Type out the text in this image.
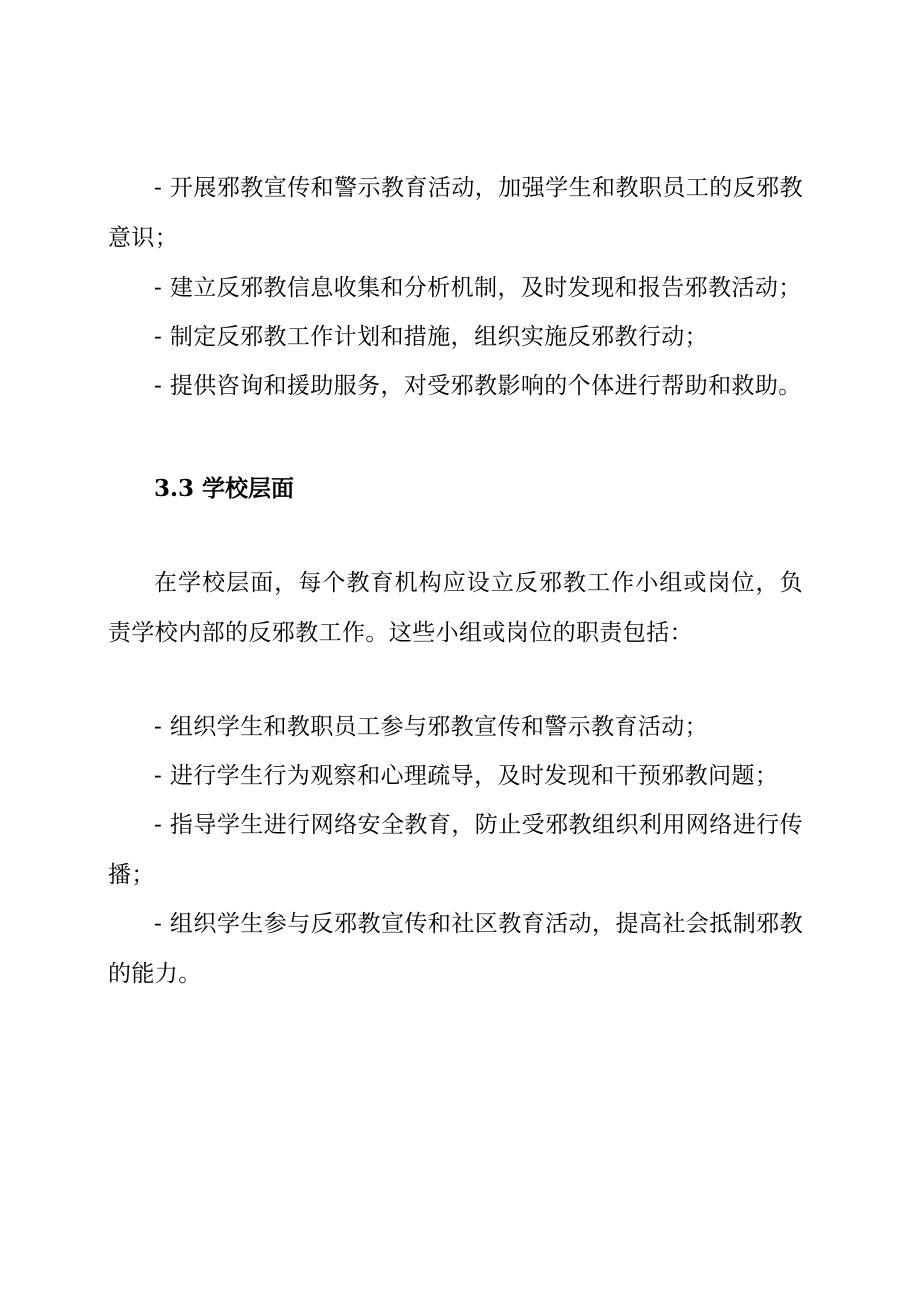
- 开展邪教宣传和警示教育活动，加强学生和教职员工的反邪教意识；

- 建立反邪教信息收集和分析机制，及时发现和报告邪教活动；

- 制定反邪教工作计划和措施，组织实施反邪教行动；

- 提供咨询和援助服务，对受邪教影响的个体进行帮助和救助。

3.3 学校层面

在学校层面，每个教育机构应设立反邪教工作小组或岗位，负责学校内部的反邪教工作。这些小组或岗位的职责包括：

- 组织学生和教职员工参与邪教宣传和警示教育活动；

- 进行学生行为观察和心理疏导，及时发现和干预邪教问题；

- 指导学生进行网络安全教育，防止受邪教组织利用网络进行传播；

- 组织学生参与反邪教宣传和社区教育活动，提高社会抵制邪教的能力。
